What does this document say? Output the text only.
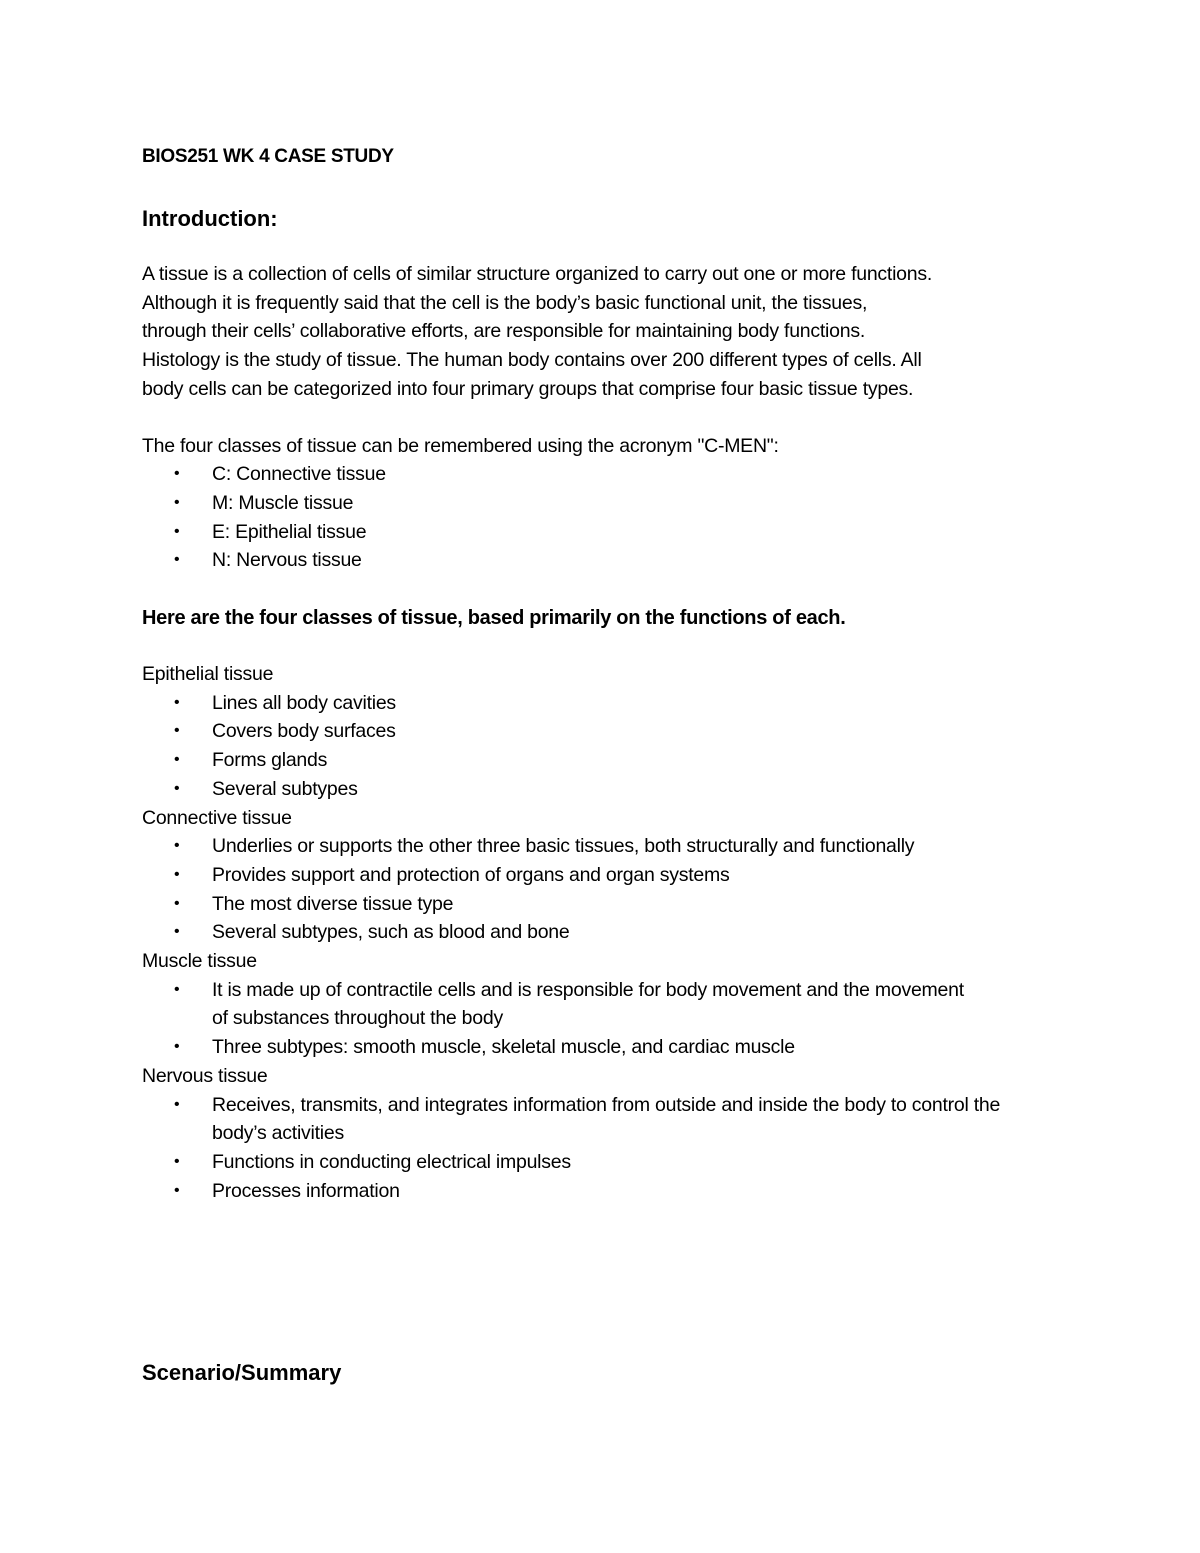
BIOS251 WK 4 CASE STUDY
Introduction:

A tissue is a collection of cells of similar structure organized to carry out one or more functions.
Although it is frequently said that the cell is the body’s basic functional unit, the tissues,
through their cells’ collaborative efforts, are responsible for maintaining body functions.
Histology is the study of tissue. The human body contains over 200 different types of cells. All
body cells can be categorized into four primary groups that comprise four basic tissue types.

The four classes of tissue can be remembered using the acronym "C-MEN":

• C: Connective tissue
• M: Muscle tissue
• E: Epithelial tissue
• N: Nervous tissue

Here are the four classes of tissue, based primarily on the functions of each.

Epithelial tissue

• Lines all body cavities
• Covers body surfaces
• Forms glands
• Several subtypes

Connective tissue

• Underlies or supports the other three basic tissues, both structurally and functionally
• Provides support and protection of organs and organ systems
• The most diverse tissue type
• Several subtypes, such as blood and bone

Muscle tissue

• It is made up of contractile cells and is responsible for body movement and the movement of substances throughout the body
• Three subtypes: smooth muscle, skeletal muscle, and cardiac muscle

Nervous tissue

• Receives, transmits, and integrates information from outside and inside the body to control the body’s activities
• Functions in conducting electrical impulses
• Processes information
Scenario/Summary
